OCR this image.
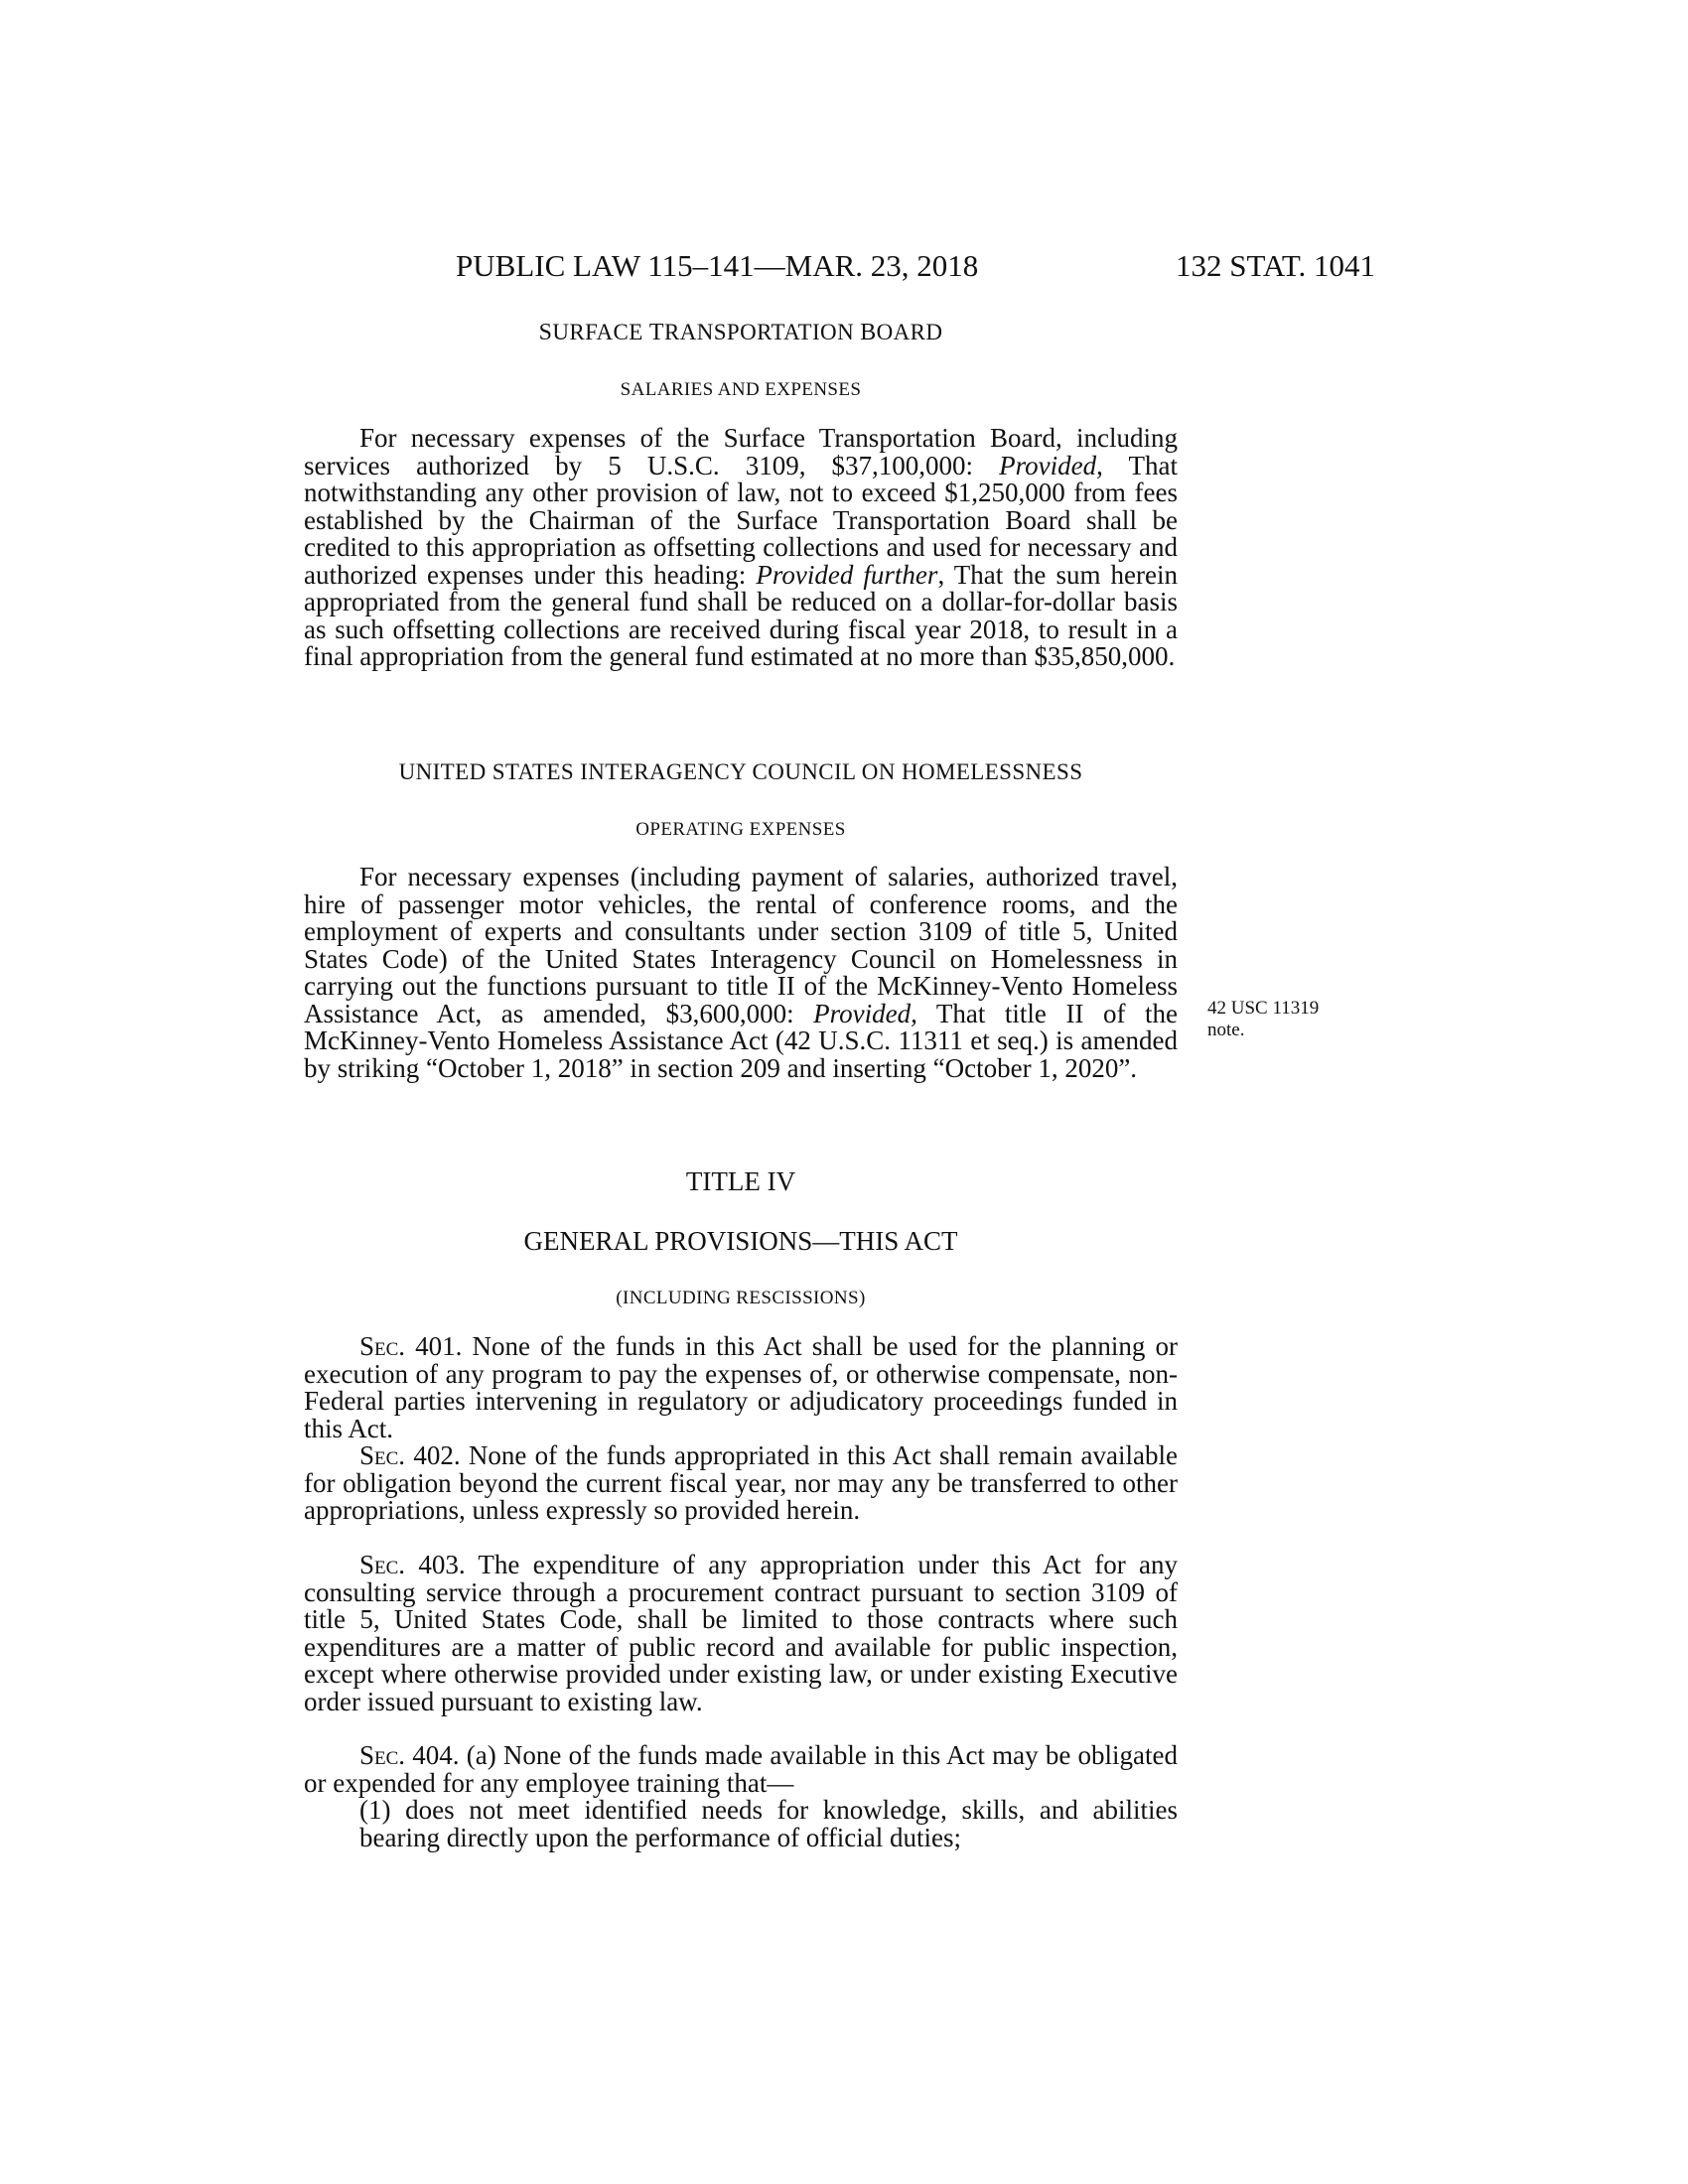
PUBLIC LAW 115–141—MAR. 23, 2018	132 STAT. 1041
SURFACE TRANSPORTATION BOARD
SALARIES AND EXPENSES

For necessary expenses of the Surface Transportation Board, including services authorized by 5 U.S.C. 3109, $37,100,000: Provided, That notwithstanding any other provision of law, not to exceed $1,250,000 from fees established by the Chairman of the Surface Transportation Board shall be credited to this appropriation as offsetting collections and used for necessary and authorized expenses under this heading: Provided further, That the sum herein appropriated from the general fund shall be reduced on a dollar-for-dollar basis as such offsetting collections are received during fiscal year 2018, to result in a final appropriation from the general fund estimated at no more than $35,850,000.

UNITED STATES INTERAGENCY COUNCIL ON HOMELESSNESS
OPERATING EXPENSES

For necessary expenses (including payment of salaries, authorized travel, hire of passenger motor vehicles, the rental of conference rooms, and the employment of experts and consultants under section 3109 of title 5, United States Code) of the United States Interagency Council on Homelessness in carrying out the functions pursuant to title II of the McKinney-Vento Homeless Assistance Act, as amended, $3,600,000: Provided, That title II of the McKinney-Vento Homeless Assistance Act (42 U.S.C. 11311 et seq.) is amended by striking “October 1, 2018” in section 209 and inserting “October 1, 2020”.

42 USC 11319
note.
TITLE IV
GENERAL PROVISIONS—THIS ACT
(INCLUDING RESCISSIONS)

Sec. 401. None of the funds in this Act shall be used for the planning or execution of any program to pay the expenses of, or otherwise compensate, non-Federal parties intervening in regulatory or adjudicatory proceedings funded in this Act.

Sec. 402. None of the funds appropriated in this Act shall remain available for obligation beyond the current fiscal year, nor may any be transferred to other appropriations, unless expressly so provided herein.

Sec. 403. The expenditure of any appropriation under this Act for any consulting service through a procurement contract pursuant to section 3109 of title 5, United States Code, shall be limited to those contracts where such expenditures are a matter of public record and available for public inspection, except where otherwise provided under existing law, or under existing Executive order issued pursuant to existing law.

Sec. 404. (a) None of the funds made available in this Act may be obligated or expended for any employee training that—

(1) does not meet identified needs for knowledge, skills, and abilities bearing directly upon the performance of official duties;
